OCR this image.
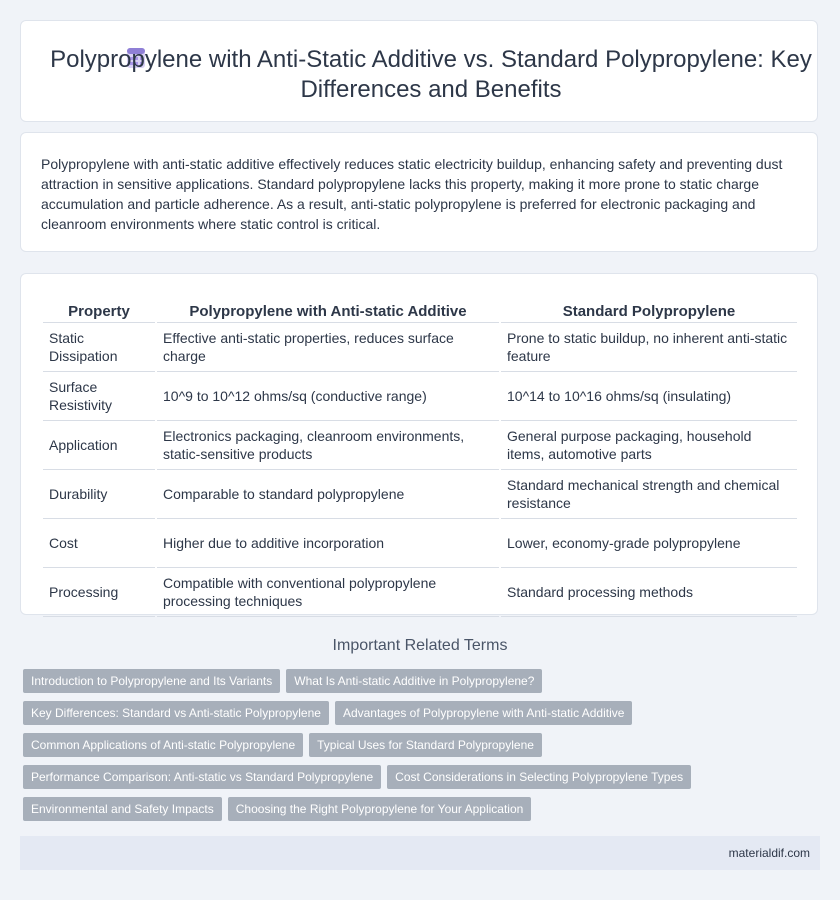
Polypropylene with Anti-Static Additive vs. Standard Polypropylene: Key Differences and Benefits
Polypropylene with anti-static additive effectively reduces static electricity buildup, enhancing safety and preventing dust attraction in sensitive applications. Standard polypropylene lacks this property, making it more prone to static charge accumulation and particle adherence. As a result, anti-static polypropylene is preferred for electronic packaging and cleanroom environments where static control is critical.
Property	Polypropylene with Anti-static Additive	Standard Polypropylene
Static Dissipation	Effective anti-static properties, reduces surface charge	Prone to static buildup, no inherent anti-static feature
Surface Resistivity	10^9 to 10^12 ohms/sq (conductive range)	10^14 to 10^16 ohms/sq (insulating)
Application	Electronics packaging, cleanroom environments, static-sensitive products	General purpose packaging, household items, automotive parts
Durability	Comparable to standard polypropylene	Standard mechanical strength and chemical resistance
Cost	Higher due to additive incorporation	Lower, economy-grade polypropylene
Processing	Compatible with conventional polypropylene processing techniques	Standard processing methods
Important Related Terms
Introduction to Polypropylene and Its Variants What Is Anti-static Additive in Polypropylene?
Key Differences: Standard vs Anti-static Polypropylene Advantages of Polypropylene with Anti-static Additive
Common Applications of Anti-static Polypropylene Typical Uses for Standard Polypropylene
Performance Comparison: Anti-static vs Standard Polypropylene Cost Considerations in Selecting Polypropylene Types
Environmental and Safety Impacts Choosing the Right Polypropylene for Your Application
materialdif.com
